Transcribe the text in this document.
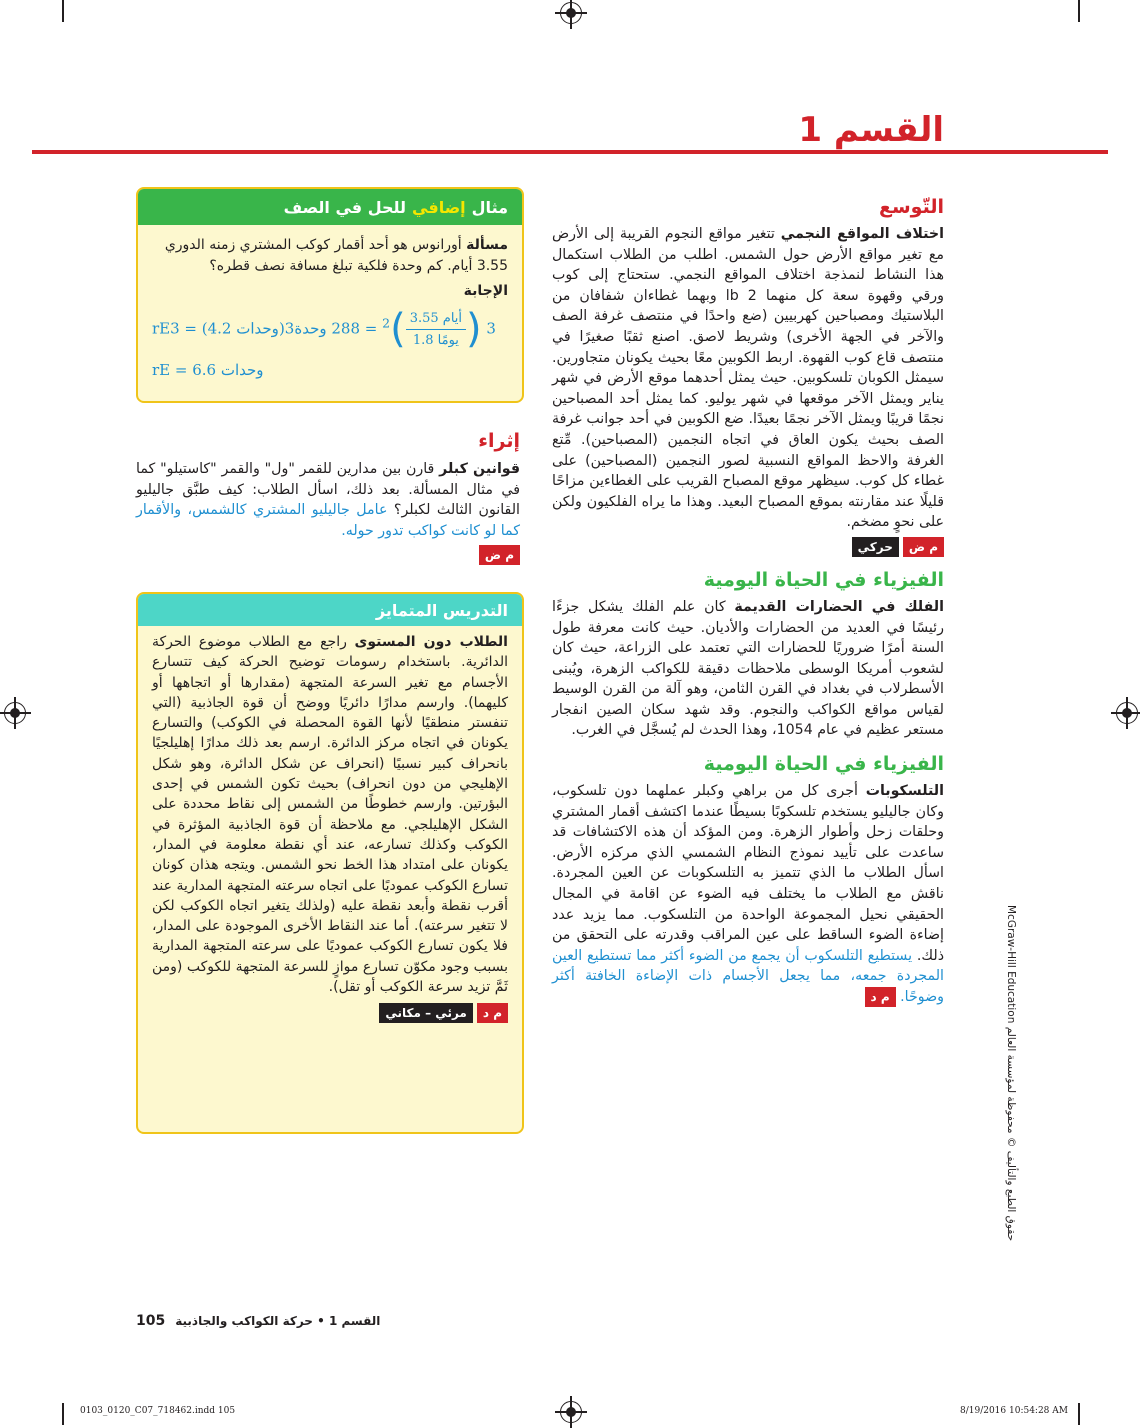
القسم 1
التّوسع

اختلاف المواقع النجمي تتغير مواقع النجوم القريبة إلى الأرض مع تغير مواقع الأرض حول الشمس. اطلب من الطلاب استكمال هذا النشاط لنمذجة اختلاف المواقع النجمي. ستحتاج إلى كوب ورقي وقهوة سعة كل منهما 2 lb وبهما غطاءان شفافان من البلاستيك ومصباحين كهربيين (ضع واحدًا في منتصف غرفة الصف والآخر في الجهة الأخرى) وشريط لاصق. اصنع ثقبًا صغيرًا في منتصف قاع كوب القهوة. اربط الكوبين معًا بحيث يكونان متجاورين. سيمثل الكوبان تلسكوبين. حيث يمثل أحدهما موقع الأرض في شهر يناير ويمثل الآخر موقعها في شهر يوليو. كما يمثل أحد المصباحين نجمًا قريبًا ويمثل الآخر نجمًا بعيدًا. ضع الكوبين في أحد جوانب غرفة الصف بحيث يكون العاق في اتجاه النجمين (المصباحين). مِّتع الغرفة والاحظ المواقع النسبية لصور النجمين (المصباحين) على غطاء كل كوب. سيظهر موقع المصباح القريب على الغطاءين مزاحًا قليلًا عند مقارنته بموقع المصباح البعيد. وهذا ما يراه الفلكيون ولكن على نحوٍ مضخم.

م ض
حركي
الفيزياء في الحياة اليومية

الفلك في الحضارات القديمة كان علم الفلك يشكل جزءًا رئيسًا في العديد من الحضارات والأديان. حيث كانت معرفة طول السنة أمرًا ضروريًا للحضارات التي تعتمد على الزراعة، حيث كان لشعوب أمريكا الوسطى ملاحظات دقيقة للكواكب الزهرة، ويُبنى الأسطرلاب في بغداد في القرن الثامن، وهو آلة من القرن الوسيط لقياس مواقع الكواكب والنجوم. وقد شهد سكان الصين انفجار مستعر عظيم في عام 1054، وهذا الحدث لم يُسجَّل في الغرب.

الفيزياء في الحياة اليومية

التلسكوبات أجرى كل من براهي وكبلر عملهما دون تلسكوب، وكان جاليليو يستخدم تلسكوبًا بسيطًا عندما اكتشف أقمار المشتري وحلقات زحل وأطوار الزهرة. ومن المؤكد أن هذه الاكتشافات قد ساعدت على تأييد نموذج النظام الشمسي الذي مركزه الأرض. اسأل الطلاب ما الذي تتميز به التلسكوبات عن العين المجردة. ناقش مع الطلاب ما يختلف فيه الضوء عن اقامة في المجال الحقيقي نحيل المجموعة الواحدة من التلسكوب. مما يزيد عدد إضاءة الضوء الساقط على عين المراقب وقدرته على التحقق من ذلك. يستطيع التلسكوب أن يجمع من الضوء أكثر مما تستطيع العين المجردة جمعه، مما يجعل الأجسام ذات الإضاءة الخافتة أكثر وضوحًا. م د

مثال
إضافي
للحل في الصف
مسألة أورانوس هو أحد أقمار كوكب المشتري زمنه الدوري 3.55 أيام. كم وحدة فلكية تبلغ مسافة نصف قطره؟
الإجابة
rE3 = (4.2 وحدات)3 (
$\frac{\text{3.55 أيام}}{\text{1.8 يومًا}}$
)$^2$ = 288 وحدة3
rE = 6.6 وحدات
إثراء

قوانين كبلر قارن بين مدارين للقمر "ول" والقمر "كاستيلو" كما في مثال المسألة. بعد ذلك، اسأل الطلاب: كيف طبَّق جاليليو القانون الثالث لكبلر؟ عامل جاليليو المشتري كالشمس، والأقمار كما لو كانت كواكب تدور حوله.

م ض
التدريس المتمايز

الطلاب دون المستوى راجع مع الطلاب موضوع الحركة الدائرية. باستخدام رسومات توضيح الحركة كيف تتسارع الأجسام مع تغير السرعة المتجهة (مقدارها أو اتجاهها أو كليهما). وارسم مدارًا دائريًا ووضح أن قوة الجاذبية (التي تنفستر منطقيًا لأنها القوة المحصلة في الكوكب) والتسارع يكونان في اتجاه مركز الدائرة. ارسم بعد ذلك مدارًا إهليلجيًا بانحراف كبير نسبيًا (انحراف عن شكل الدائرة، وهو شكل الإهليجي من دون انحراف) بحيث تكون الشمس في إحدى البؤرتين. وارسم خطوطًا من الشمس إلى نقاط محددة على الشكل الإهليلجي. مع ملاحظة أن قوة الجاذبية المؤثرة في الكوكب وكذلك تسارعه، عند أي نقطة معلومة في المدار، يكونان على امتداد هذا الخط نحو الشمس. ويتجه هذان كونان تسارع الكوكب عموديًا على اتجاه سرعته المتجهة المدارية عند أقرب نقطة وأبعد نقطة عليه (ولذلك يتغير اتجاه الكوكب لكن لا تتغير سرعته). أما عند النقاط الأخرى الموجودة على المدار، فلا يكون تسارع الكوكب عموديًا على سرعته المتجهة المدارية بسبب وجود مكوّن تسارع موازٍ للسرعة المتجهة للكوكب (ومن ثَمَّ تزيد سرعة الكوكب أو تقل).

م د
مرئي – مكاني	حقوق الطبع والتأليف © محفوظة لمؤسسة العالم McGraw-Hill Education
105 القسم 1 • حركة الكواكب والجاذبية
0103_0120_C07_718462.indd 105	8/19/2016 10:54:28 AM
